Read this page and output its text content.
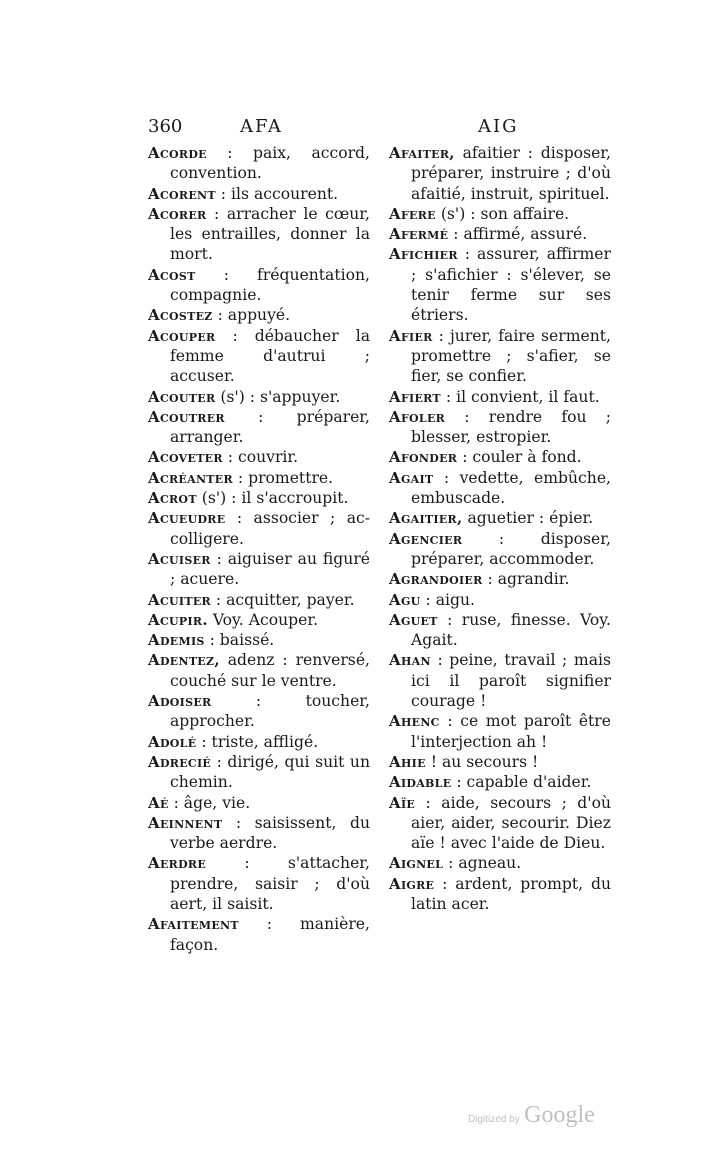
360	AFA	AIG

Acorde : paix, accord, convention.

Acorent : ils accourent.

Acorer : arracher le cœur, les entrailles, donner la mort.

Acost : fréquentation, compagnie.

Acostez : appuyé.

Acouper : débaucher la femme d'autrui ; accuser.

Acouter (s') : s'appuyer.

Acoutrer : préparer, arranger.

Acoveter : couvrir.

Acréanter : promettre.

Acrot (s') : il s'accroupit.

Acueudre : associer ; ac- colligere.

Acuiser : aiguiser au figuré ; acuere.

Acuiter : acquitter, payer.

Acupir. Voy. Acouper.

Ademis : baissé.

Adentez, adenz : renversé, couché sur le ventre.

Adoiser : toucher, approcher.

Adolé : triste, affligé.

Adrecié : dirigé, qui suit un chemin.

Aé : âge, vie.

Aeinnent : saisissent, du verbe aerdre.

Aerdre : s'attacher, prendre, saisir ; d'où aert, il saisit.

Afaitement : manière, façon.

Afaiter, afaitier : disposer, préparer, instruire ; d'où afaitié, instruit, spirituel.

Afere (s') : son affaire.

Afermé : affirmé, assuré.

Afichier : assurer, affirmer ; s'afichier : s'élever, se tenir ferme sur ses étriers.

Afier : jurer, faire serment, promettre ; s'afier, se fier, se confier.

Afiert : il convient, il faut.

Afoler : rendre fou ; blesser, estropier.

Afonder : couler à fond.

Agait : vedette, embûche, embuscade.

Agaitier, aguetier : épier.

Agencier : disposer, préparer, accommoder.

Agrandoier : agrandir.

Agu : aigu.

Aguet : ruse, finesse. Voy. Agait.

Ahan : peine, travail ; mais ici il paroît signifier courage !

Ahenc : ce mot paroît être l'interjection ah !

Ahie ! au secours !

Aidable : capable d'aider.

Aïe : aide, secours ; d'où aier, aider, secourir. Diez aïe ! avec l'aide de Dieu.

Aignel : agneau.

Aigre : ardent, prompt, du latin acer.

Digitized by Google
